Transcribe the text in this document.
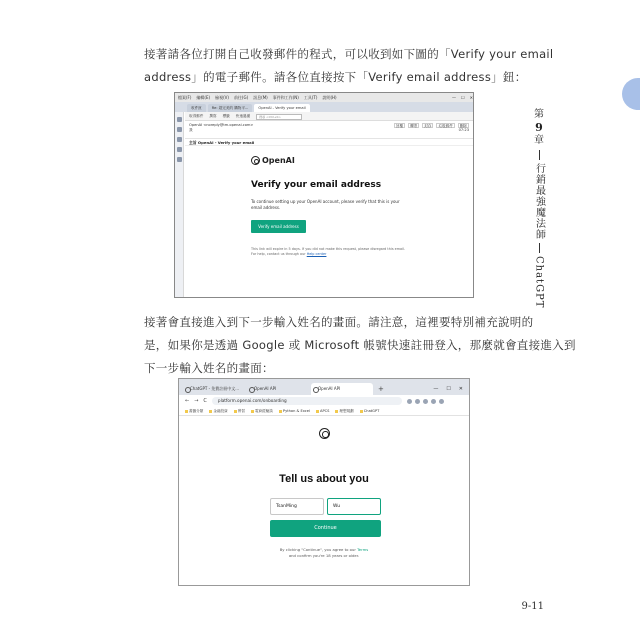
接著請各位打開自己收發郵件的程式，可以收到如下圖的「Verify your email
address」的電子郵件。請各位直接按下「Verify email address」鈕：
第
9
章
行銷最強魔法師
ChatGPT
檔案(F) 編輯(E) 檢視(V) 前往(G) 訊息(M) 事件和工作(N) 工具(T) 說明(H)	— ☐ ✕
收件匣	Re: 超完美的 購物平...	OpenAI - Verify your email
取得郵件 撰寫 標籤 快速過濾	搜尋 <Ctrl+K>
OpenAI <noreply@tm.openai.com>	回覆	轉寄	封存	垃圾郵件	刪除
我	07:23
主旨 OpenAI - Verify your email
OpenAI
Verify your email address
To continue setting up your OpenAI account, please verify that this is your email address.
Verify email address
This link will expire in 5 days. If you did not make this request, please disregard this email. For help, contact us through our Help center
接著會直接進入到下一步輸入姓名的畫面。請注意，這裡要特別補充說明的
是，如果你是透過 Google 或 Microsoft 帳號快速註冊登入，那麼就會直接進入到
下一步輸入姓名的畫面：
ChatGPT - 免費註冊中文...	OpenAI API	OpenAI API	+	— ☐ ✕
← → C	platform.openai.com/onboarding
書籤分類	金融投資	實習	電商經驗談	Python & Excel	APCS	理想規劃	ChatGPT
Tell us about you
TsanMing	Wu
Continue
By clicking "Continue", you agree to our Terms
and confirm you're 18 years or older.
9-11
